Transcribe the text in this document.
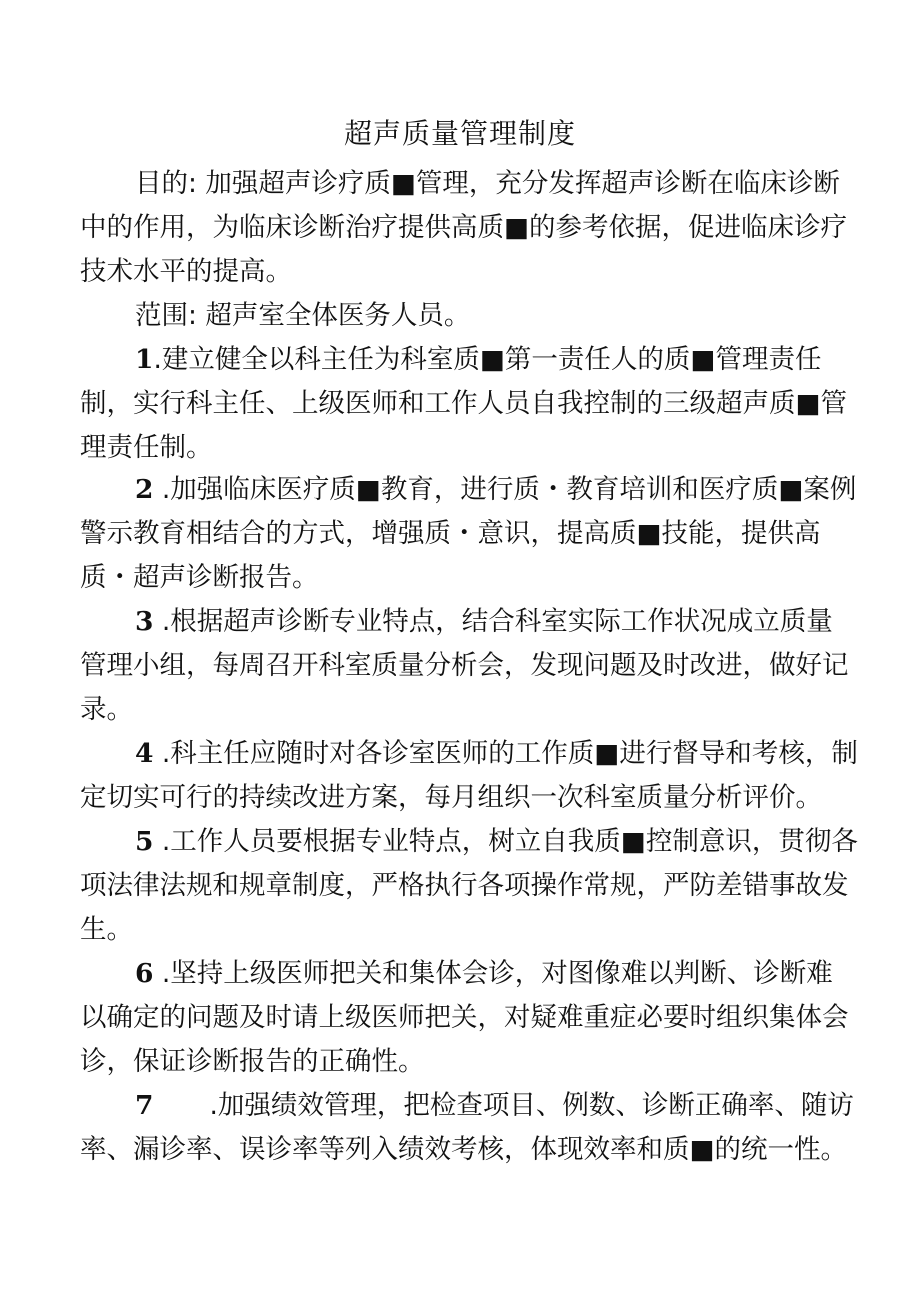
超声质量管理制度

目的: 加强超声诊疗质■管理，充分发挥超声诊断在临床诊断中的作用，为临床诊断治疗提供高质■的参考依据，促进临床诊疗技术水平的提高。

范围: 超声室全体医务人员。

1.建立健全以科主任为科室质■第一责任人的质■管理责任制，实行科主任、上级医师和工作人员自我控制的三级超声质■管理责任制。

2 .加强临床医疗质■教育，进行质・教育培训和医疗质■案例警示教育相结合的方式，增强质・意识，提高质■技能，提供高质・超声诊断报告。

3 .根据超声诊断专业特点，结合科室实际工作状况成立质量管理小组，每周召开科室质量分析会，发现问题及时改进，做好记录。

4 .科主任应随时对各诊室医师的工作质■进行督导和考核，制定切实可行的持续改进方案，每月组织一次科室质量分析评价。

5 .工作人员要根据专业特点，树立自我质■控制意识，贯彻各项法律法规和规章制度，严格执行各项操作常规，严防差错事故发生。

6 .坚持上级医师把关和集体会诊，对图像难以判断、诊断难以确定的问题及时请上级医师把关，对疑难重症必要时组织集体会诊，保证诊断报告的正确性。

7 .加强绩效管理，把检查项目、例数、诊断正确率、随访率、漏诊率、误诊率等列入绩效考核，体现效率和质■的统一性。
